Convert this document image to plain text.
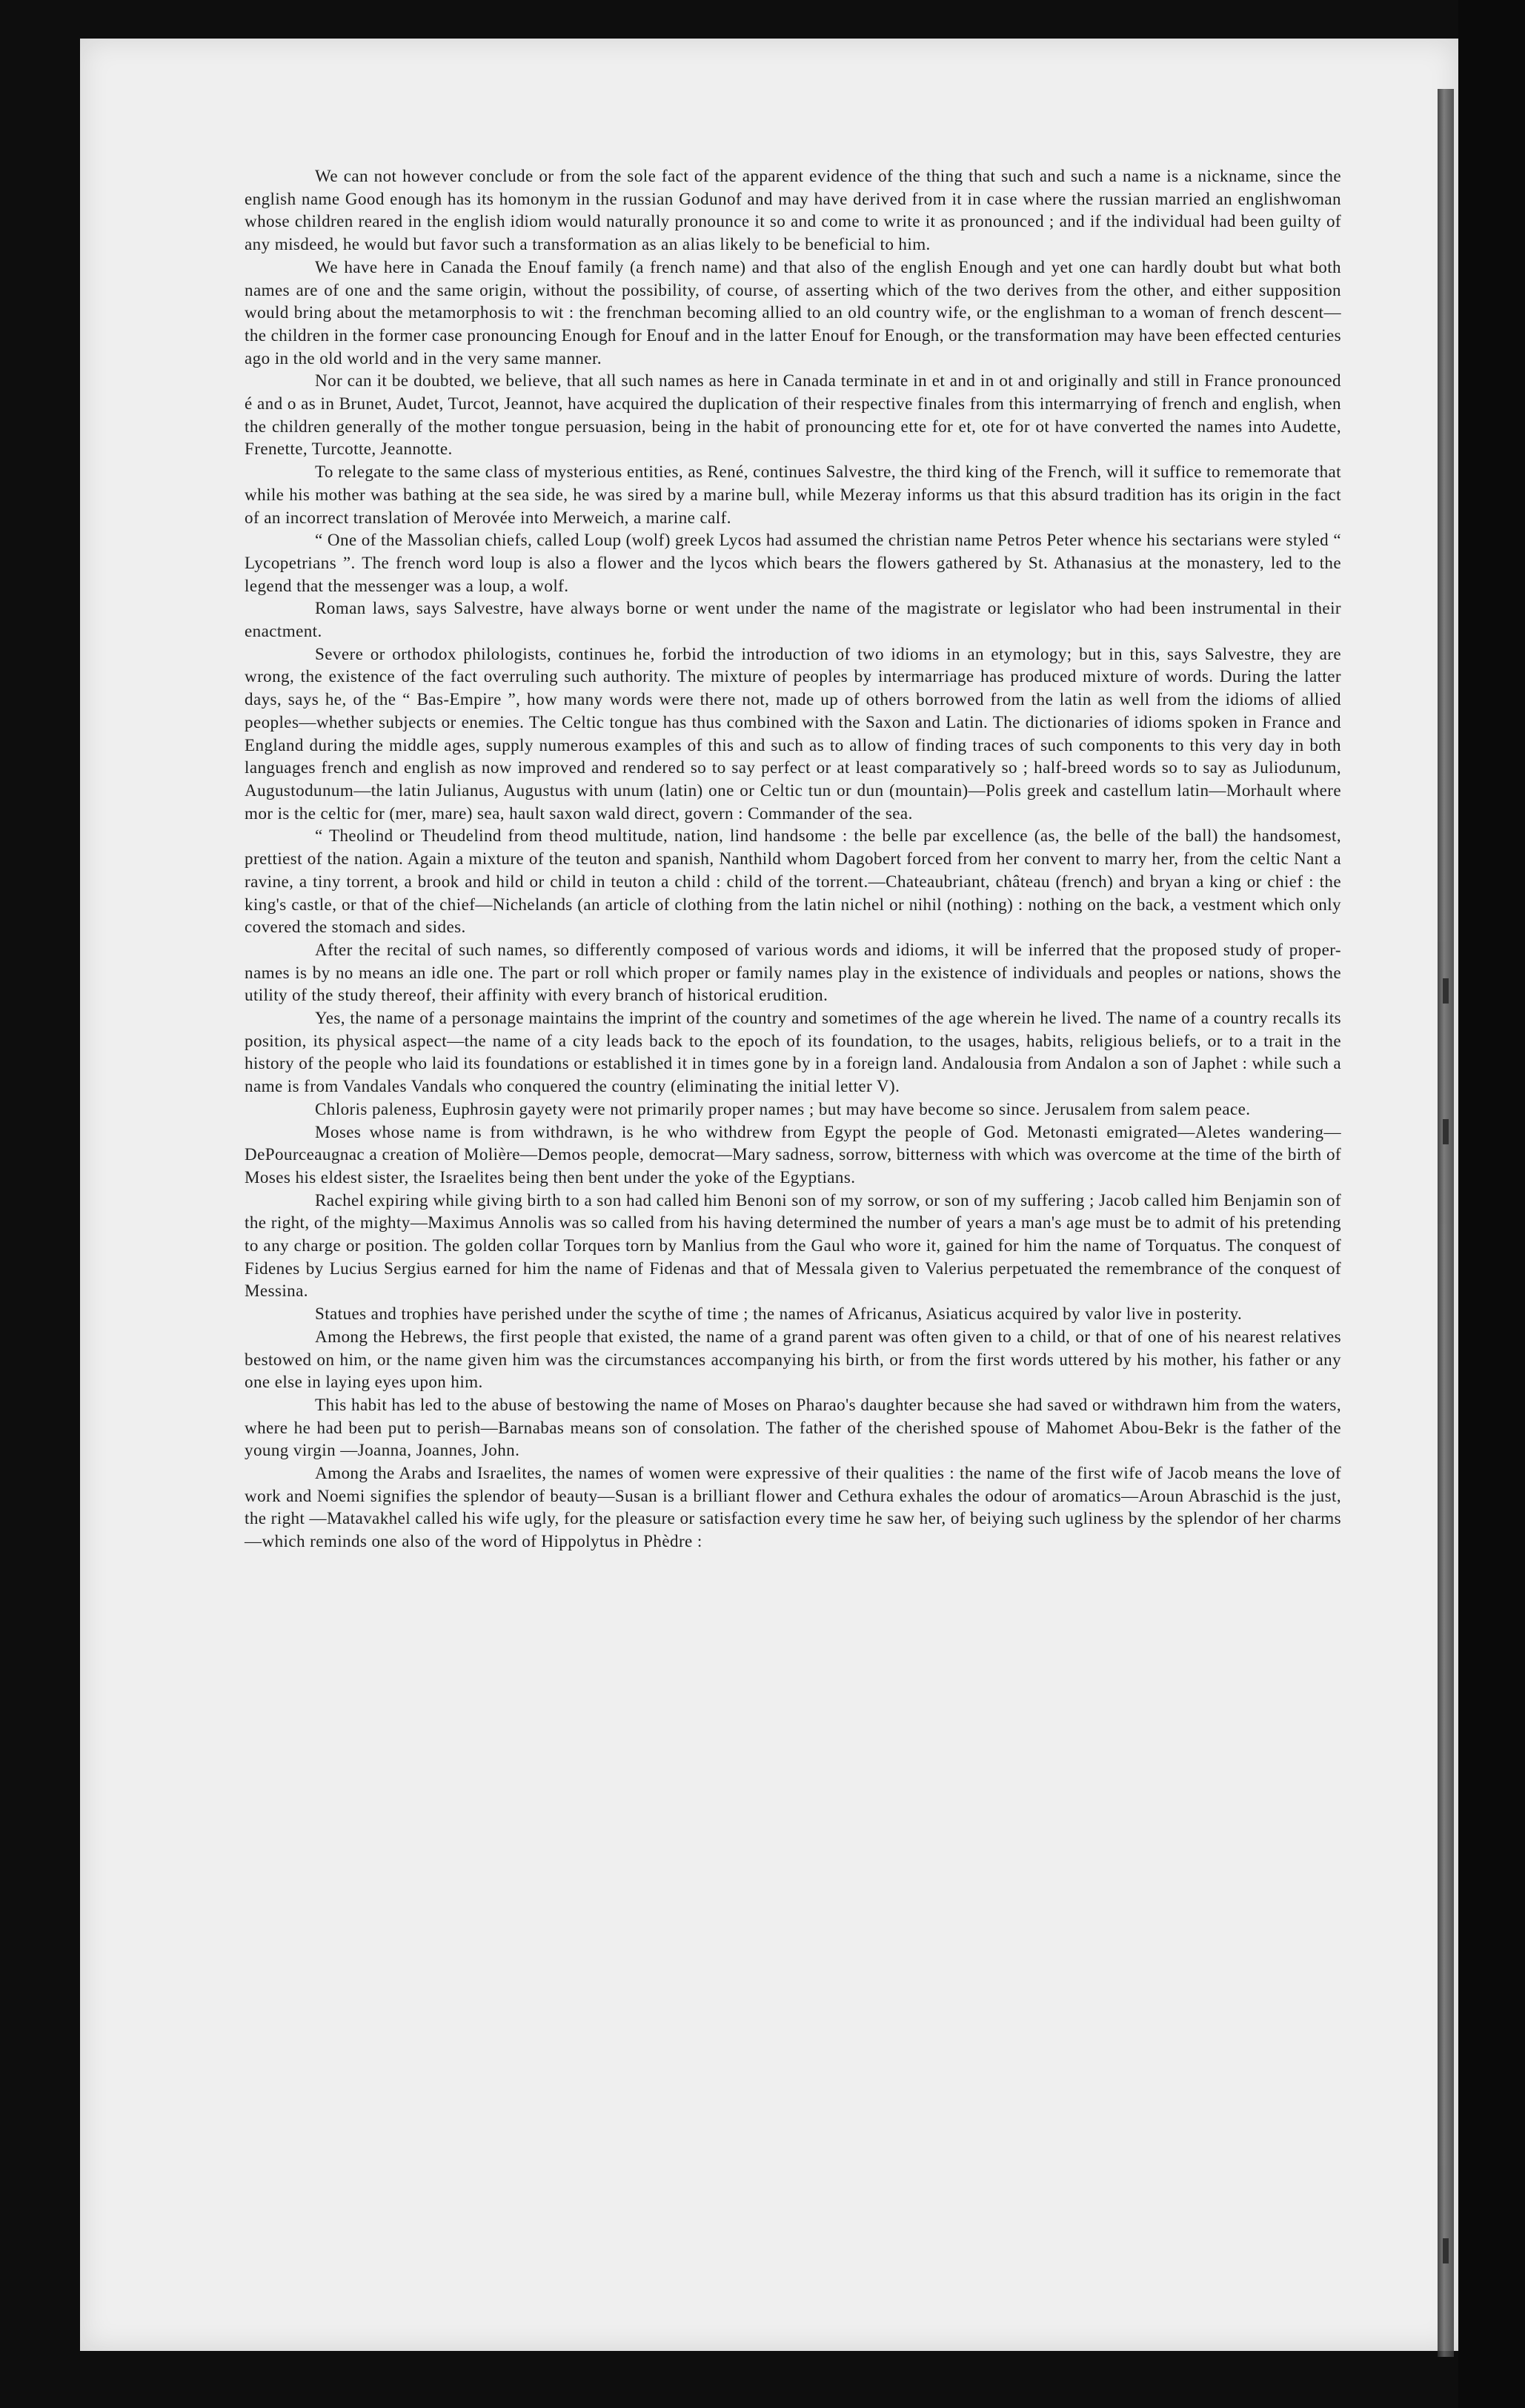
We can not however conclude or from the sole fact of the apparent evidence of the thing that such and such a name is a nickname, since the english name Good enough has its homonym in the russian Godunof and may have derived from it in case where the russian married an englishwoman whose children reared in the english idiom would naturally pronounce it so and come to write it as pronounced ; and if the individual had been guilty of any misdeed, he would but favor such a transformation as an alias likely to be beneficial to him.

We have here in Canada the Enouf family (a french name) and that also of the english Enough and yet one can hardly doubt but what both names are of one and the same origin, without the possibility, of course, of asserting which of the two derives from the other, and either supposition would bring about the metamorphosis to wit : the frenchman becoming allied to an old country wife, or the englishman to a woman of french descent—the children in the former case pronouncing Enough for Enouf and in the latter Enouf for Enough, or the transformation may have been effected centuries ago in the old world and in the very same manner.

Nor can it be doubted, we believe, that all such names as here in Canada terminate in et and in ot and originally and still in France pronounced é and o as in Brunet, Audet, Turcot, Jeannot, have acquired the duplication of their respective finales from this intermarrying of french and english, when the children generally of the mother tongue persuasion, being in the habit of pronouncing ette for et, ote for ot have converted the names into Audette, Frenette, Turcotte, Jeannotte.

To relegate to the same class of mysterious entities, as René, continues Salvestre, the third king of the French, will it suffice to rememorate that while his mother was bathing at the sea side, he was sired by a marine bull, while Mezeray informs us that this absurd tradition has its origin in the fact of an incorrect translation of Merovée into Merweich, a marine calf.

“ One of the Massolian chiefs, called Loup (wolf) greek Lycos had assumed the christian name Petros Peter whence his sectarians were styled “ Lycopetrians ”. The french word loup is also a flower and the lycos which bears the flowers gathered by St. Athanasius at the monastery, led to the legend that the messenger was a loup, a wolf.

Roman laws, says Salvestre, have always borne or went under the name of the magistrate or legislator who had been instrumental in their enactment.

Severe or orthodox philologists, continues he, forbid the introduction of two idioms in an etymology; but in this, says Salvestre, they are wrong, the existence of the fact overruling such authority. The mixture of peoples by intermarriage has produced mixture of words. During the latter days, says he, of the “ Bas-Empire ”, how many words were there not, made up of others borrowed from the latin as well from the idioms of allied peoples—whether subjects or enemies. The Celtic tongue has thus combined with the Saxon and Latin. The dictionaries of idioms spoken in France and England during the middle ages, supply numerous examples of this and such as to allow of finding traces of such components to this very day in both languages french and english as now improved and rendered so to say perfect or at least comparatively so ; half-breed words so to say as Juliodunum, Augustodunum—the latin Julianus, Augustus with unum (latin) one or Celtic tun or dun (mountain)—Polis greek and castellum latin—Morhault where mor is the celtic for (mer, mare) sea, hault saxon wald direct, govern : Commander of the sea.

“ Theolind or Theudelind from theod multitude, nation, lind handsome : the belle par excellence (as, the belle of the ball) the handsomest, prettiest of the nation. Again a mixture of the teuton and spanish, Nanthild whom Dagobert forced from her convent to marry her, from the celtic Nant a ravine, a tiny torrent, a brook and hild or child in teuton a child : child of the torrent.—Chateaubriant, château (french) and bryan a king or chief : the king's castle, or that of the chief—Nichelands (an article of clothing from the latin nichel or nihil (nothing) : nothing on the back, a vestment which only covered the stomach and sides.

After the recital of such names, so differently composed of various words and idioms, it will be inferred that the proposed study of proper-names is by no means an idle one. The part or roll which proper or family names play in the existence of individuals and peoples or nations, shows the utility of the study thereof, their affinity with every branch of historical erudition.

Yes, the name of a personage maintains the imprint of the country and sometimes of the age wherein he lived. The name of a country recalls its position, its physical aspect—the name of a city leads back to the epoch of its foundation, to the usages, habits, religious beliefs, or to a trait in the history of the people who laid its foundations or established it in times gone by in a foreign land. Andalousia from Andalon a son of Japhet : while such a name is from Vandales Vandals who conquered the country (eliminating the initial letter V).

Chloris paleness, Euphrosin gayety were not primarily proper names ; but may have become so since. Jerusalem from salem peace.

Moses whose name is from withdrawn, is he who withdrew from Egypt the people of God. Metonasti emigrated—Aletes wandering—DePourceaugnac a creation of Molière—Demos people, democrat—Mary sadness, sorrow, bitterness with which was overcome at the time of the birth of Moses his eldest sister, the Israelites being then bent under the yoke of the Egyptians.

Rachel expiring while giving birth to a son had called him Benoni son of my sorrow, or son of my suffering ; Jacob called him Benjamin son of the right, of the mighty—Maximus Annolis was so called from his having determined the number of years a man's age must be to admit of his pretending to any charge or position. The golden collar Torques torn by Manlius from the Gaul who wore it, gained for him the name of Torquatus. The conquest of Fidenes by Lucius Sergius earned for him the name of Fidenas and that of Messala given to Valerius perpetuated the remembrance of the conquest of Messina.

Statues and trophies have perished under the scythe of time ; the names of Africanus, Asiaticus acquired by valor live in posterity.

Among the Hebrews, the first people that existed, the name of a grand parent was often given to a child, or that of one of his nearest relatives bestowed on him, or the name given him was the circumstances accompanying his birth, or from the first words uttered by his mother, his father or any one else in laying eyes upon him.

This habit has led to the abuse of bestowing the name of Moses on Pharao's daughter because she had saved or withdrawn him from the waters, where he had been put to perish—Barnabas means son of consolation. The father of the cherished spouse of Mahomet Abou-Bekr is the father of the young virgin —Joanna, Joannes, John.

Among the Arabs and Israelites, the names of women were expressive of their qualities : the name of the first wife of Jacob means the love of work and Noemi signifies the splendor of beauty—Susan is a brilliant flower and Cethura exhales the odour of aromatics—Aroun Abraschid is the just, the right —Matavakhel called his wife ugly, for the pleasure or satisfaction every time he saw her, of beiying such ugliness by the splendor of her charms—which reminds one also of the word of Hippolytus in Phèdre :
